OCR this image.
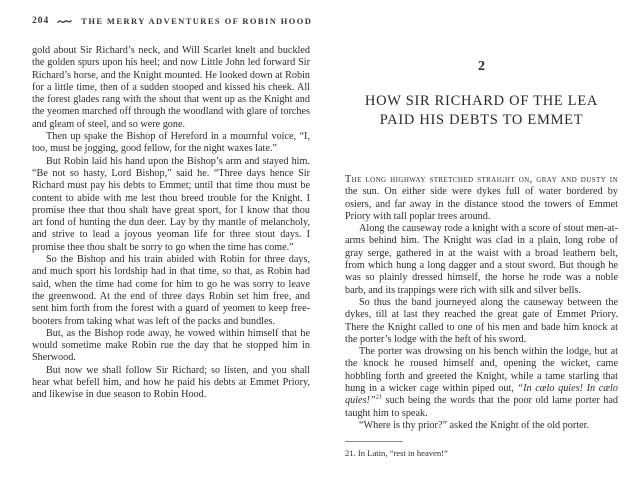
204	THE MERRY ADVENTURES OF ROBIN HOOD

gold about Sir Richard’s neck, and Will Scarlet knelt and buckled the golden spurs upon his heel; and now Little John led forward Sir Richard’s horse, and the Knight mounted. He looked down at Robin for a little time, then of a sudden stooped and kissed his cheek. All the forest glades rang with the shout that went up as the Knight and the yeomen marched off through the woodland with glare of torches and gleam of steel, and so were gone.

Then up spake the Bishop of Hereford in a mournful voice, “I, too, must be jogging, good fellow, for the night waxes late.”

But Robin laid his hand upon the Bishop’s arm and stayed him. “Be not so hasty, Lord Bishop,” said he. “Three days hence Sir Richard must pay his debts to Emmet; until that time thou must be content to abide with me lest thou breed trouble for the Knight. I promise thee that thou shalt have great sport, for I know that thou art fond of hunting the dun deer. Lay by thy mantle of melancholy, and strive to lead a joyous yeoman life for three stout days. I promise thee thou shalt be sorry to go when the time has come.”

So the Bishop and his train abided with Robin for three days, and much sport his lordship had in that time, so that, as Robin had said, when the time had come for him to go he was sorry to leave the greenwood. At the end of three days Robin set him free, and sent him forth from the forest with a guard of yeomen to keep free‐booters from taking what was left of the packs and bundles.

But, as the Bishop rode away, he vowed within himself that he would sometime make Robin rue the day that he stopped him in Sherwood.

But now we shall follow Sir Richard; so listen, and you shall hear what befell him, and how he paid his debts at Emmet Priory, and likewise in due season to Robin Hood.

2
HOW SIR RICHARD OF THE LEA
PAID HIS DEBTS TO EMMET

The long highway stretched straight on, gray and dusty in the sun. On either side were dykes full of water bordered by osiers, and far away in the distance stood the towers of Emmet Priory with tall poplar trees around.

Along the causeway rode a knight with a score of stout men-at-arms behind him. The Knight was clad in a plain, long robe of gray serge, gathered in at the waist with a broad leathern belt, from which hung a long dagger and a stout sword. But though he was so plainly dressed himself, the horse he rode was a noble barb, and its trappings were rich with silk and silver bells.

So thus the band journeyed along the causeway between the dykes, till at last they reached the great gate of Emmet Priory. There the Knight called to one of his men and bade him knock at the porter’s lodge with the heft of his sword.

The porter was drowsing on his bench within the lodge, but at the knock he roused himself and, opening the wicket, came hobbling forth and greeted the Knight, while a tame starling that hung in a wicker cage within piped out, “In cælo quies! In cælo quies!”$^{21}$ such being the words that the poor old lame porter had taught him to speak.

“Where is thy prior?” asked the Knight of the old porter.

21. In Latin, “rest in heaven!”
